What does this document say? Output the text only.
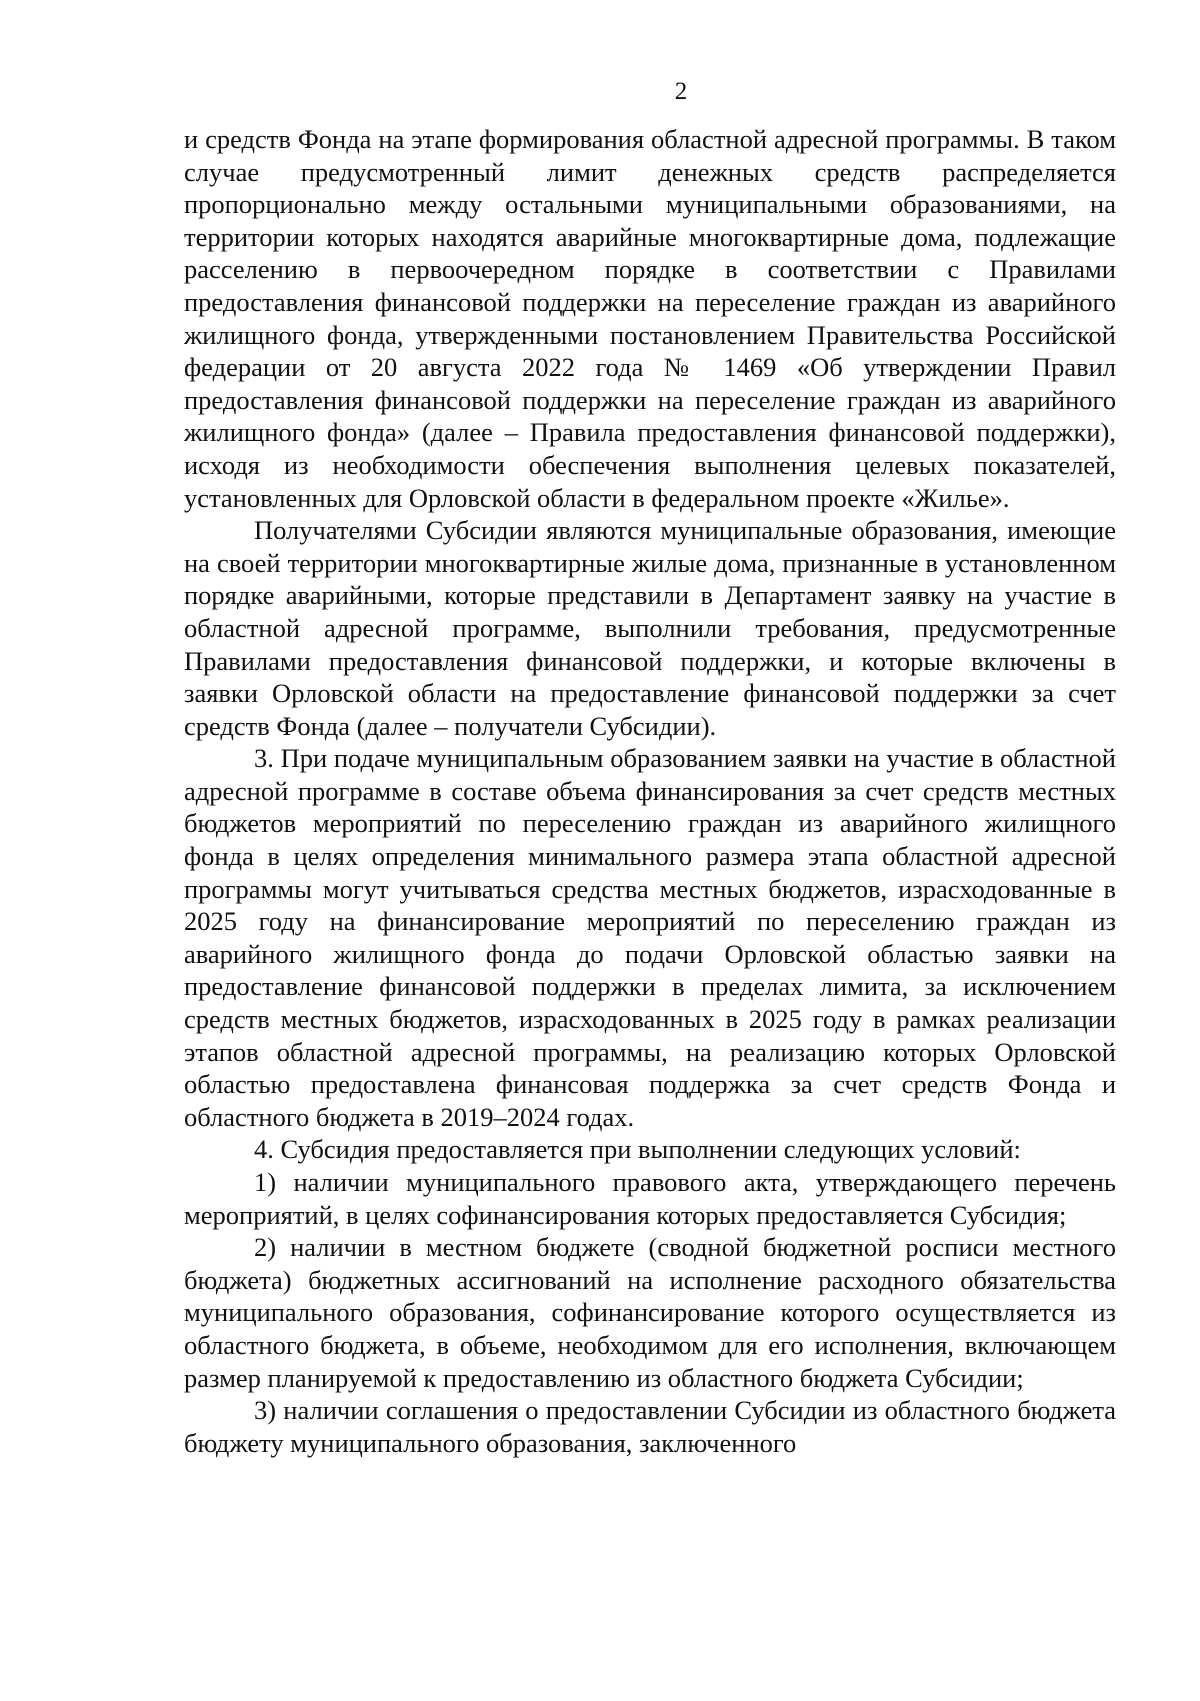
2

и средств Фонда на этапе формирования областной адресной программы. В таком случае предусмотренный лимит денежных средств распределяется пропорционально между остальными муниципальными образованиями, на территории которых находятся аварийные многоквартирные дома, подлежащие расселению в первоочередном порядке в соответствии с Правилами предоставления финансовой поддержки на переселение граждан из аварийного жилищного фонда, утвержденными постановлением Правительства Российской федерации от 20 августа 2022 года № 1469 «Об утверждении Правил предоставления финансовой поддержки на переселение граждан из аварийного жилищного фонда» (далее – Правила предоставления финансовой поддержки), исходя из необходимости обеспечения выполнения целевых показателей, установленных для Орловской области в федеральном проекте «Жилье».

Получателями Субсидии являются муниципальные образования, имеющие на своей территории многоквартирные жилые дома, признанные в установленном порядке аварийными, которые представили в Департамент заявку на участие в областной адресной программе, выполнили требования, предусмотренные Правилами предоставления финансовой поддержки, и которые включены в заявки Орловской области на предоставление финансовой поддержки за счет средств Фонда (далее – получатели Субсидии).

3. При подаче муниципальным образованием заявки на участие в областной адресной программе в составе объема финансирования за счет средств местных бюджетов мероприятий по переселению граждан из аварийного жилищного фонда в целях определения минимального размера этапа областной адресной программы могут учитываться средства местных бюджетов, израсходованные в 2025 году на финансирование мероприятий по переселению граждан из аварийного жилищного фонда до подачи Орловской областью заявки на предоставление финансовой поддержки в пределах лимита, за исключением средств местных бюджетов, израсходованных в 2025 году в рамках реализации этапов областной адресной программы, на реализацию которых Орловской областью предоставлена финансовая поддержка за счет средств Фонда и областного бюджета в 2019–2024 годах.

4. Субсидия предоставляется при выполнении следующих условий:

1) наличии муниципального правового акта, утверждающего перечень мероприятий, в целях софинансирования которых предоставляется Субсидия;

2) наличии в местном бюджете (сводной бюджетной росписи местного бюджета) бюджетных ассигнований на исполнение расходного обязательства муниципального образования, софинансирование которого осуществляется из областного бюджета, в объеме, необходимом для его исполнения, включающем размер планируемой к предоставлению из областного бюджета Субсидии;

3) наличии соглашения о предоставлении Субсидии из областного бюджета бюджету муниципального образования, заключенного
